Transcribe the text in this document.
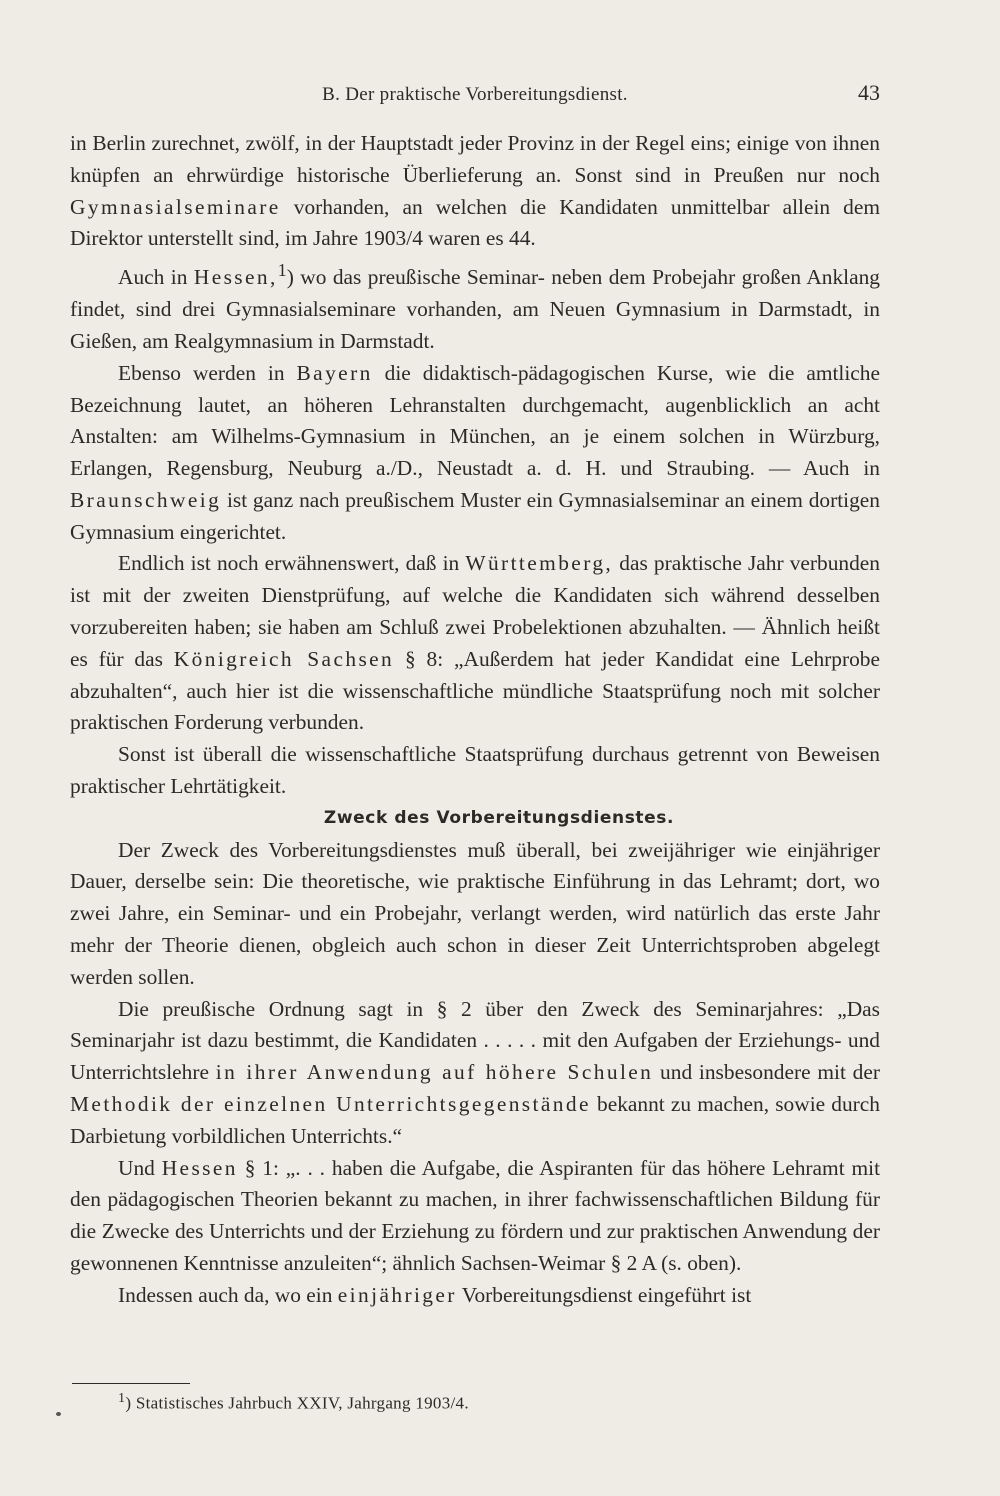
B. Der praktische Vorbereitungsdienst.	43

in Berlin zurechnet, zwölf, in der Hauptstadt jeder Provinz in der Regel eins; einige von ihnen knüpfen an ehrwürdige historische Überlieferung an. Sonst sind in Preußen nur noch Gymnasialseminare vorhanden, an welchen die Kandidaten unmittelbar allein dem Direktor unterstellt sind, im Jahre 1903/4 waren es 44.

Auch in Hessen,$^1$) wo das preußische Seminar- neben dem Probejahr großen Anklang findet, sind drei Gymnasialseminare vorhanden, am Neuen Gymnasium in Darmstadt, in Gießen, am Realgymnasium in Darmstadt.

Ebenso werden in Bayern die didaktisch-pädagogischen Kurse, wie die amtliche Bezeichnung lautet, an höheren Lehranstalten durchgemacht, augenblicklich an acht Anstalten: am Wilhelms-Gymnasium in München, an je einem solchen in Würzburg, Erlangen, Regensburg, Neuburg a./D., Neustadt a. d. H. und Straubing. — Auch in Braunschweig ist ganz nach preußischem Muster ein Gymnasialseminar an einem dortigen Gymnasium eingerichtet.

Endlich ist noch erwähnenswert, daß in Württemberg, das praktische Jahr verbunden ist mit der zweiten Dienstprüfung, auf welche die Kandidaten sich während desselben vorzubereiten haben; sie haben am Schluß zwei Probelektionen abzuhalten. — Ähnlich heißt es für das Königreich Sachsen § 8: „Außerdem hat jeder Kandidat eine Lehrprobe abzuhalten“, auch hier ist die wissenschaftliche mündliche Staatsprüfung noch mit solcher praktischen Forderung verbunden.

Sonst ist überall die wissenschaftliche Staatsprüfung durchaus getrennt von Beweisen praktischer Lehrtätigkeit.

Zweck des Vorbereitungsdienstes.

Der Zweck des Vorbereitungsdienstes muß überall, bei zweijähriger wie einjähriger Dauer, derselbe sein: Die theoretische, wie praktische Einführung in das Lehramt; dort, wo zwei Jahre, ein Seminar- und ein Probejahr, verlangt werden, wird natürlich das erste Jahr mehr der Theorie dienen, obgleich auch schon in dieser Zeit Unterrichtsproben abgelegt werden sollen.

Die preußische Ordnung sagt in § 2 über den Zweck des Seminarjahres: „Das Seminarjahr ist dazu bestimmt, die Kandidaten . . . . . mit den Aufgaben der Erziehungs- und Unterrichtslehre in ihrer Anwendung auf höhere Schulen und insbesondere mit der Methodik der einzelnen Unterrichtsgegenstände bekannt zu machen, sowie durch Darbietung vorbildlichen Unterrichts.“

Und Hessen § 1: „. . . haben die Aufgabe, die Aspiranten für das höhere Lehramt mit den pädagogischen Theorien bekannt zu machen, in ihrer fachwissenschaftlichen Bildung für die Zwecke des Unterrichts und der Erziehung zu fördern und zur praktischen Anwendung der gewonnenen Kenntnisse anzuleiten“; ähnlich Sachsen-Weimar § 2 A (s. oben).

Indessen auch da, wo ein einjähriger Vorbereitungsdienst eingeführt ist

$^1$) Statistisches Jahrbuch XXIV, Jahrgang 1903/4.
